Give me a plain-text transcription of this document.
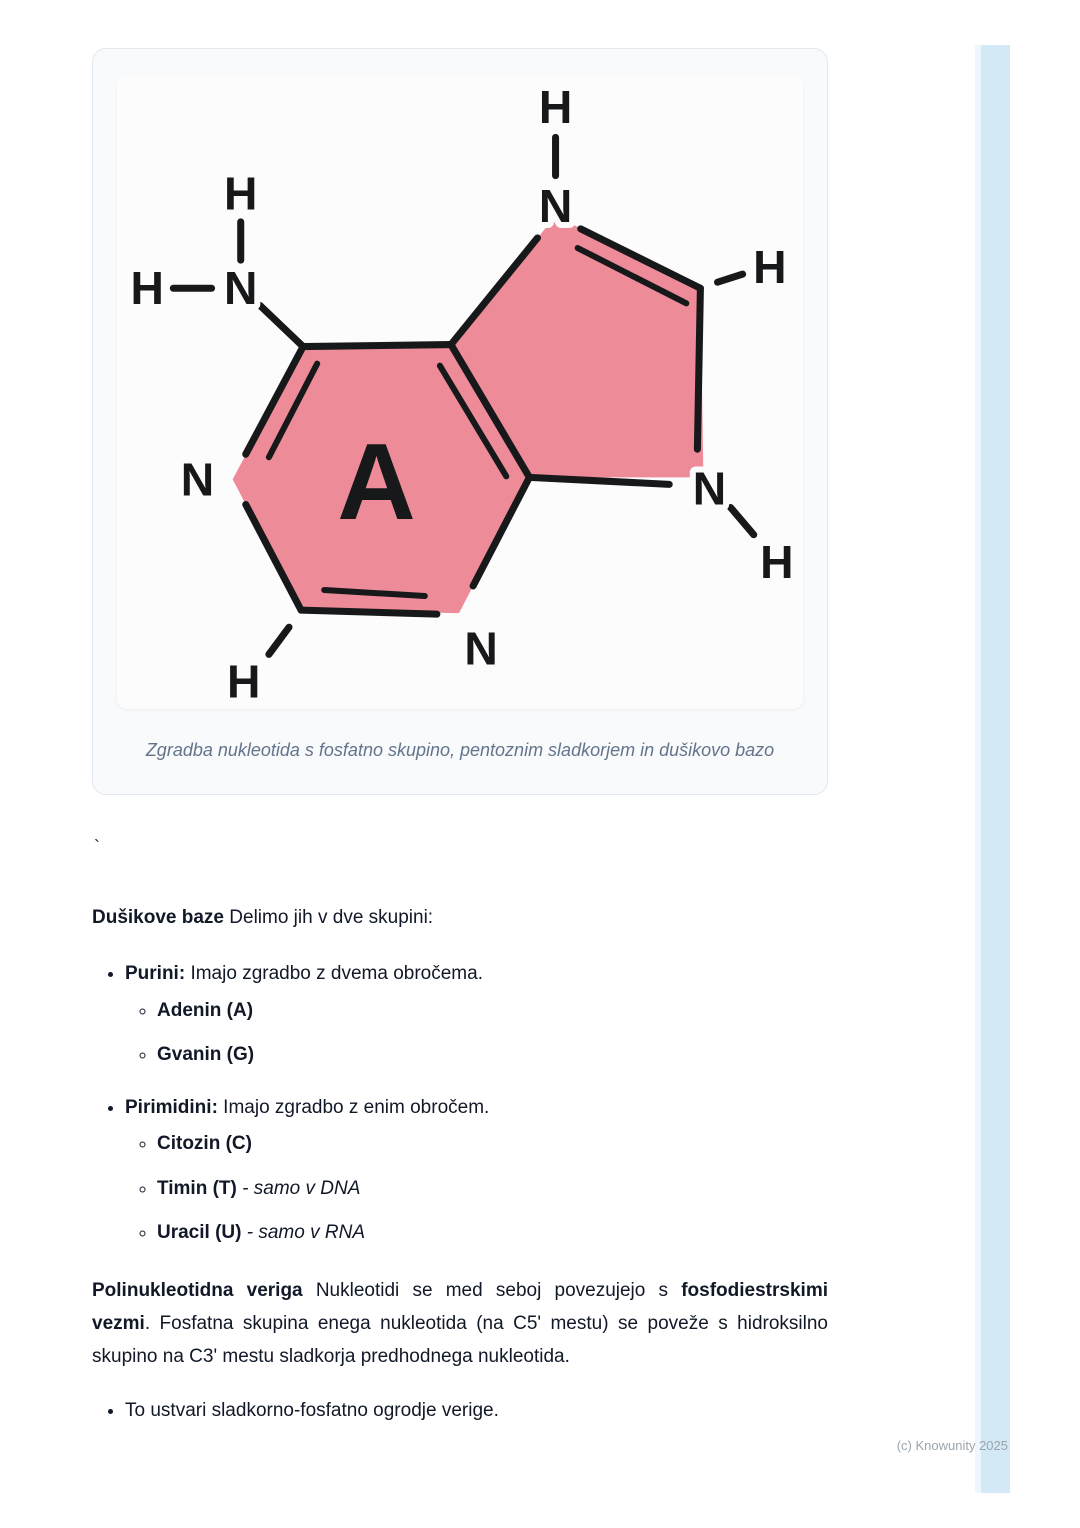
H
N
H
N
H
N
H
N
H
N
H
A

Zgradba nukleotida s fosfatno skupino, pentoznim sladkorjem in dušikovo bazo

`

Dušikove baze Delimo jih v dve skupini:

• Purini: Imajo zgradbo z dvema obročema.
◦ Adenin (A)
◦ Gvanin (G)
• Pirimidini: Imajo zgradbo z enim obročem.
◦ Citozin (C)
◦ Timin (T) - samo v DNA
◦ Uracil (U) - samo v RNA

Polinukleotidna veriga Nukleotidi se med seboj povezujejo s fosfodiestrskimi vezmi. Fosfatna skupina enega nukleotida (na C5' mestu) se poveže s hidroksilno skupino na C3' mestu sladkorja predhodnega nukleotida.

• To ustvari sladkorno-fosfatno ogrodje verige.
(c) Knowunity 2025
